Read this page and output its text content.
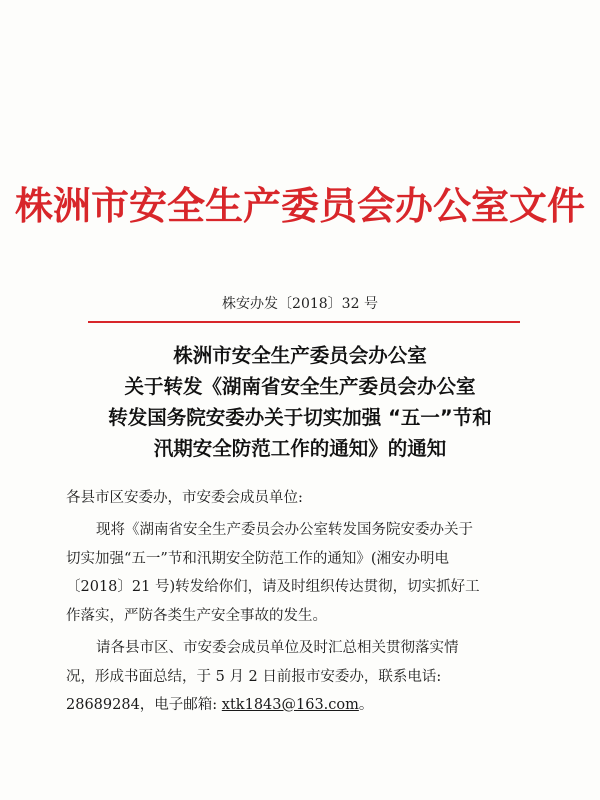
株洲市安全生产委员会办公室文件
株安办发〔2018〕32 号
株洲市安全生产委员会办公室
关于转发《湖南省安全生产委员会办公室
转发国务院安委办关于切实加强 “五一”节和
汛期安全防范工作的通知》的通知
各县市区安委办，市安委会成员单位:
现将《湖南省安全生产委员会办公室转发国务院安委办关于
切实加强“五一”节和汛期安全防范工作的通知》(湘安办明电
〔2018〕21 号)转发给你们，请及时组织传达贯彻，切实抓好工
作落实，严防各类生产安全事故的发生。
请各县市区、市安委会成员单位及时汇总相关贯彻落实情
况，形成书面总结，于 5 月 2 日前报市安委办，联系电话:
28689284，电子邮箱: xtk1843@163.com。
